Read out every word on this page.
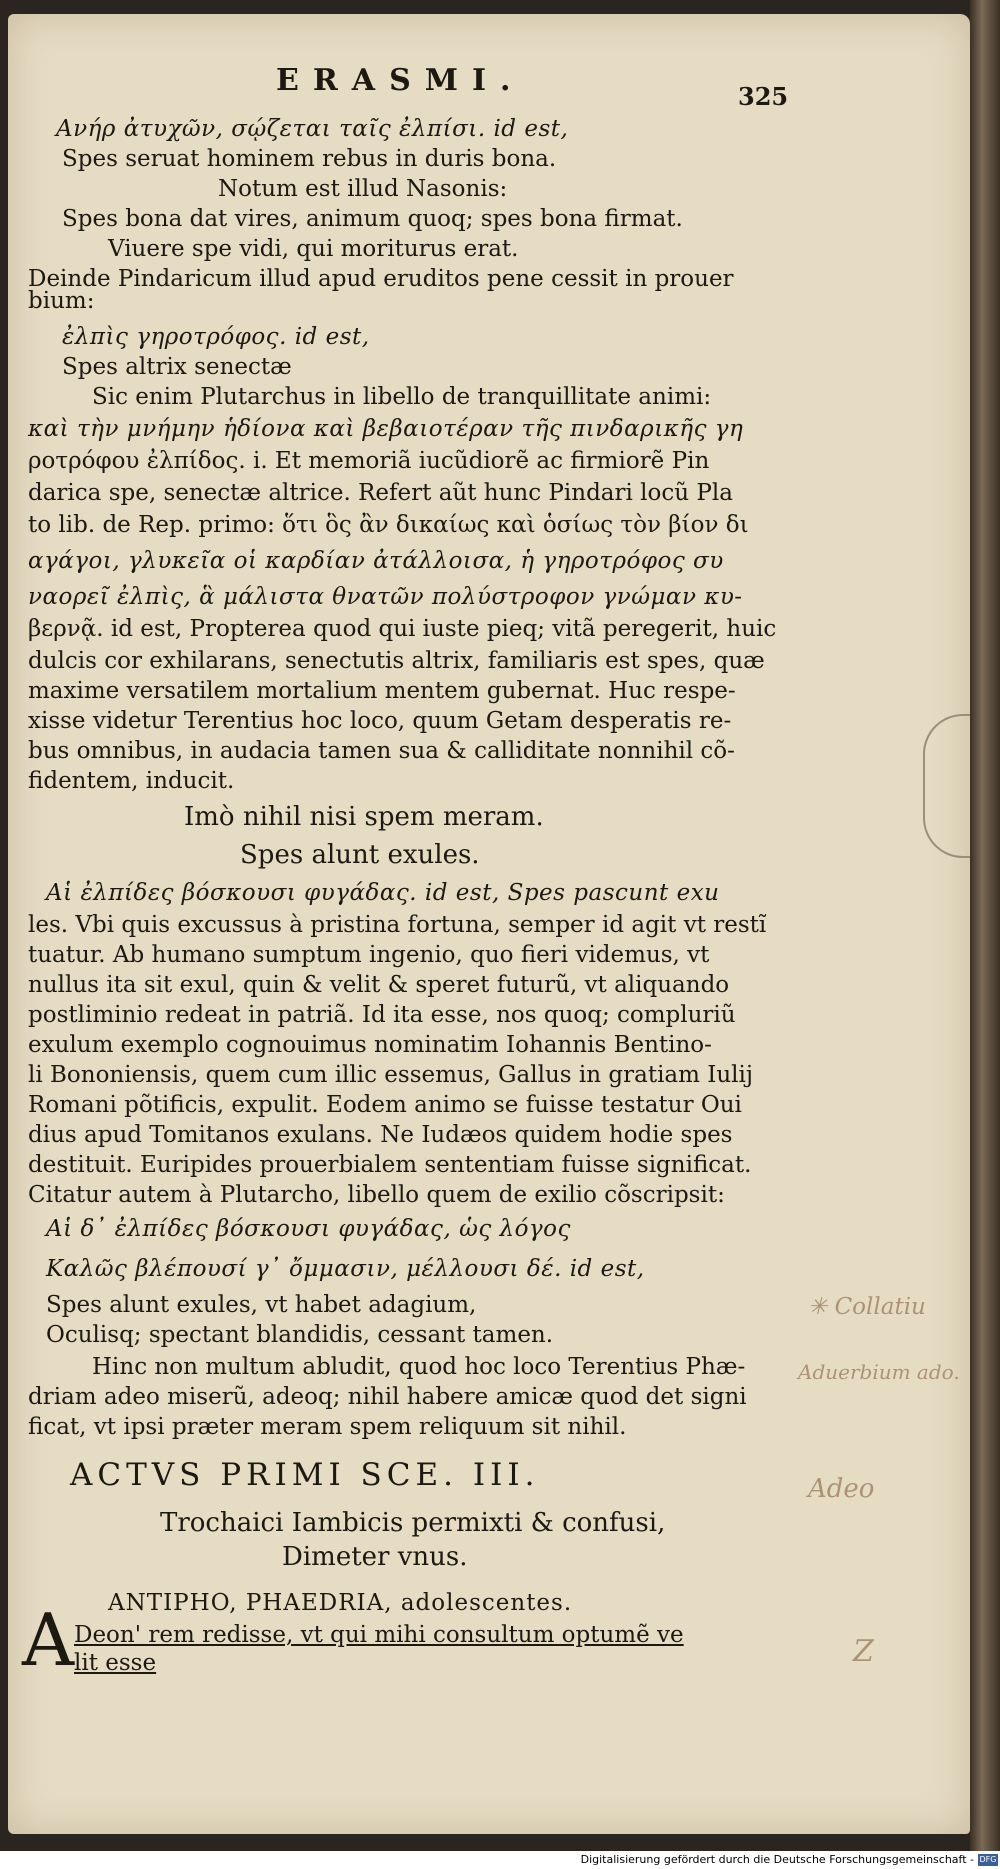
ERASMI.	325
Ανήρ ἀτυχῶν, σῴζεται ταῖς ἐλπίσι. id est,
Spes seruat hominem rebus in duris bona.
Notum est illud Nasonis:
Spes bona dat vires, animum quoq; spes bona firmat.
Viuere spe vidi, qui moriturus erat.
Deinde Pindaricum illud apud eruditos pene cessit in prouer
bium:
ἐλπὶς γηροτρόφος. id est,
Spes altrix senectæ
Sic enim Plutarchus in libello de tranquillitate animi:
καὶ τὴν μνήμην ἡδίονα καὶ βεβαιοτέραν τῆς πινδαρικῆς γη
ροτρόφου ἐλπίδος. i. Et memoriã iucũdiorẽ ac firmiorẽ Pin
darica spe, senectæ altrice. Refert aũt hunc Pindari locũ Pla
to lib. de Rep. primo: ὅτι ὃς ἂν δικαίως καὶ ὁσίως τὸν βίον δι
αγάγοι, γλυκεῖα οἱ καρδίαν ἀτάλλοισα, ἡ γηροτρόφος συ
ναορεῖ ἐλπὶς, ἃ μάλιστα θνατῶν πολύστροφον γνώμαν κυ-
βερνᾷ. id est, Propterea quod qui iuste pieq; vitã peregerit, huic
dulcis cor exhilarans, senectutis altrix, familiaris est spes, quæ
maxime versatilem mortalium mentem gubernat. Huc respe-
xisse videtur Terentius hoc loco, quum Getam desperatis re-
bus omnibus, in audacia tamen sua & calliditate nonnihil cõ-
fidentem, inducit.
Imò nihil nisi spem meram.
Spes alunt exules.
Αἱ ἐλπίδες βόσκουσι φυγάδας. id est, Spes pascunt exu
les. Vbi quis excussus à pristina fortuna, semper id agit vt restĩ
tuatur. Ab humano sumptum ingenio, quo fieri videmus, vt
nullus ita sit exul, quin & velit & speret futurũ, vt aliquando
postliminio redeat in patriã. Id ita esse, nos quoq; compluriũ
exulum exemplo cognouimus nominatim Iohannis Bentino-
li Bononiensis, quem cum illic essemus, Gallus in gratiam Iulij
Romani põtificis, expulit. Eodem animo se fuisse testatur Oui
dius apud Tomitanos exulans. Ne Iudæos quidem hodie spes
destituit. Euripides prouerbialem sententiam fuisse significat.
Citatur autem à Plutarcho, libello quem de exilio cõscripsit:
Αἱ δ᾽ ἐλπίδες βόσκουσι φυγάδας, ὡς λόγος
Καλῶς βλέπουσί γ᾽ ὄμμασιν, μέλλουσι δέ. id est,
Spes alunt exules, vt habet adagium,
Oculisq; spectant blandidis, cessant tamen.
Hinc non multum abludit, quod hoc loco Terentius Phæ-
driam adeo miserũ, adeoq; nihil habere amicæ quod det signi
ficat, vt ipsi præter meram spem reliquum sit nihil.
ACTVS PRIMI SCE. III.
Trochaici Iambicis permixti & confusi,
Dimeter vnus.
ANTIPHO, PHAEDRIA, adolescentes.
A Deon' rem redisse, vt qui mihi consultum optumẽ ve
lit esse
✳ Collatiu
Aduerbium ado.
Adeo
Z
Digitalisierung gefördert durch die Deutsche Forschungsgemeinschaft - DFG
